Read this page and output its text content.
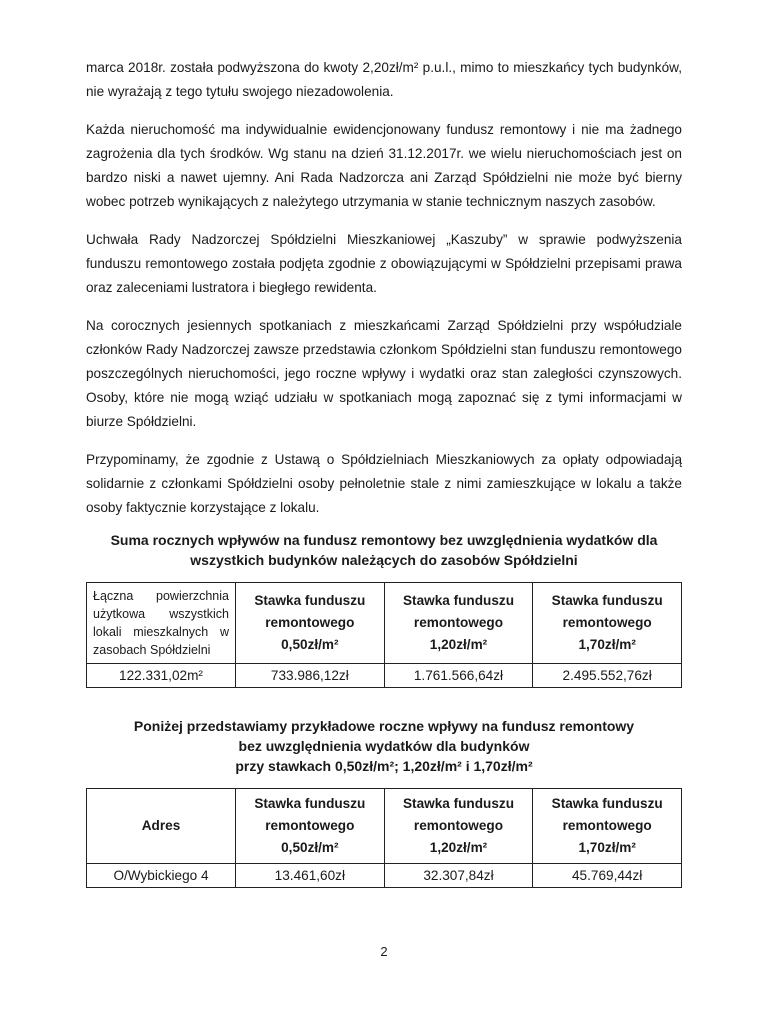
marca 2018r. została podwyższona do kwoty 2,20zł/m² p.u.l., mimo to mieszkańcy tych budynków, nie wyrażają z tego tytułu swojego niezadowolenia.

Każda nieruchomość ma indywidualnie ewidencjonowany fundusz remontowy i nie ma żadnego zagrożenia dla tych środków. Wg stanu na dzień 31.12.2017r. we wielu nieruchomościach jest on bardzo niski a nawet ujemny. Ani Rada Nadzorcza ani Zarząd Spółdzielni nie może być bierny wobec potrzeb wynikających z należytego utrzymania w stanie technicznym naszych zasobów.

Uchwała Rady Nadzorczej Spółdzielni Mieszkaniowej „Kaszuby” w sprawie podwyższenia funduszu remontowego została podjęta zgodnie z obowiązującymi w Spółdzielni przepisami prawa oraz zaleceniami lustratora i biegłego rewidenta.

Na corocznych jesiennych spotkaniach z mieszkańcami Zarząd Spółdzielni przy współudziale członków Rady Nadzorczej zawsze przedstawia członkom Spółdzielni stan funduszu remontowego poszczególnych nieruchomości, jego roczne wpływy i wydatki oraz stan zaległości czynszowych. Osoby, które nie mogą wziąć udziału w spotkaniach mogą zapoznać się z tymi informacjami w biurze Spółdzielni.

Przypominamy, że zgodnie z Ustawą o Spółdzielniach Mieszkaniowych za opłaty odpowiadają solidarnie z członkami Spółdzielni osoby pełnoletnie stale z nimi zamieszkujące w lokalu a także osoby faktycznie korzystające z lokalu.

Suma rocznych wpływów na fundusz remontowy bez uwzględnienia wydatków dla
wszystkich budynków należących do zasobów Spółdzielni
Łączna powierzchnia użytkowa wszystkich lokali mieszkalnych w zasobach Spółdzielni	Stawka funduszu
remontowego
0,50zł/m²	Stawka funduszu
remontowego
1,20zł/m²	Stawka funduszu
remontowego
1,70zł/m²
122.331,02m²	733.986,12zł	1.761.566,64zł	2.495.552,76zł
Poniżej przedstawiamy przykładowe roczne wpływy na fundusz remontowy
bez uwzględnienia wydatków dla budynków
przy stawkach 0,50zł/m²; 1,20zł/m² i 1,70zł/m²
Adres	Stawka funduszu
remontowego
0,50zł/m²	Stawka funduszu
remontowego
1,20zł/m²	Stawka funduszu
remontowego
1,70zł/m²
O/Wybickiego 4	13.461,60zł	32.307,84zł	45.769,44zł
2
